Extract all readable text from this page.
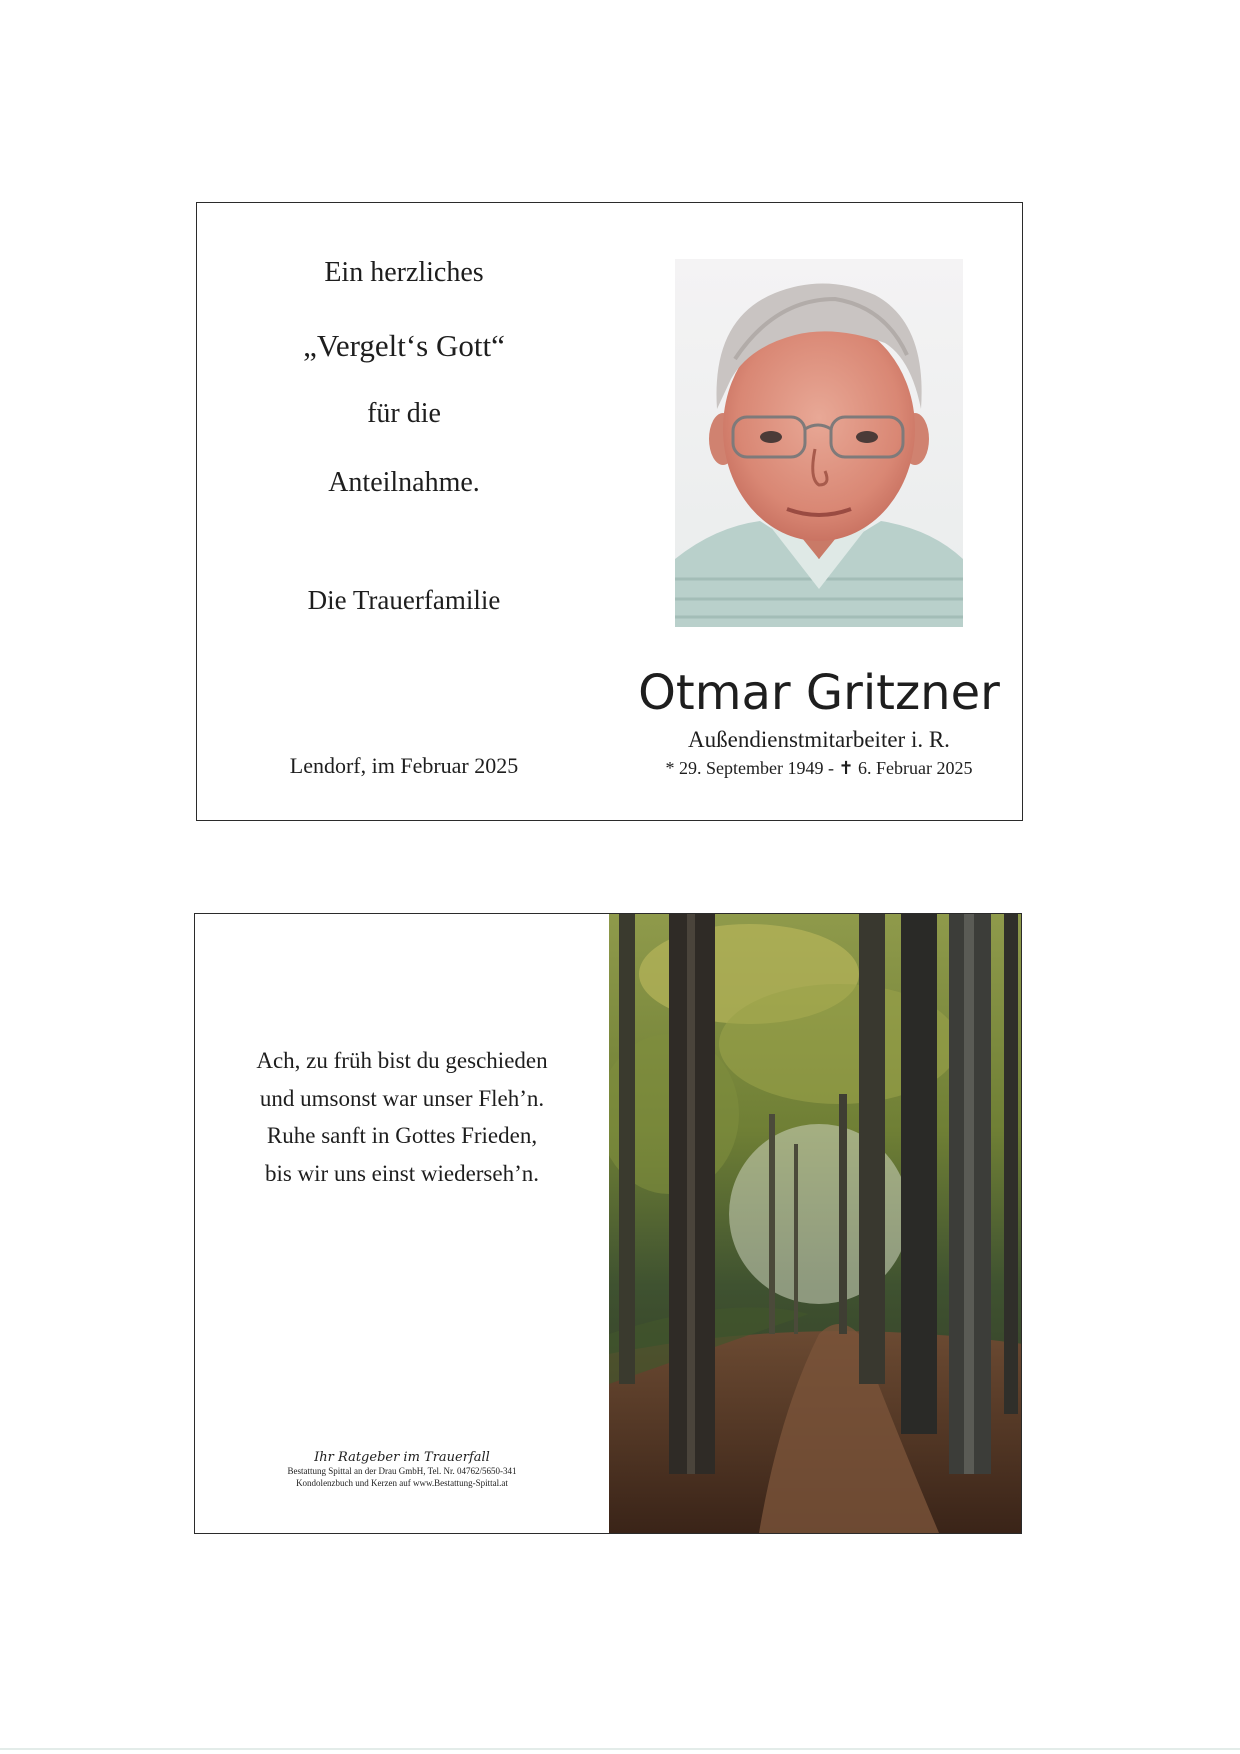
Ein herzliches
„Vergelt‘s Gott“
für die
Anteilnahme.
Die Trauerfamilie
Lendorf, im Februar 2025
Otmar Gritzner
Außendienstmitarbeiter i. R.
* 29. September 1949 - ✝ 6. Februar 2025
Ach, zu früh bist du geschieden
und umsonst war unser Fleh’n.
Ruhe sanft in Gottes Frieden,
bis wir uns einst wiederseh’n.
Ihr Ratgeber im Trauerfall
Bestattung Spittal an der Drau GmbH, Tel. Nr. 04762/5650-341
Kondolenzbuch und Kerzen auf www.Bestattung-Spittal.at
